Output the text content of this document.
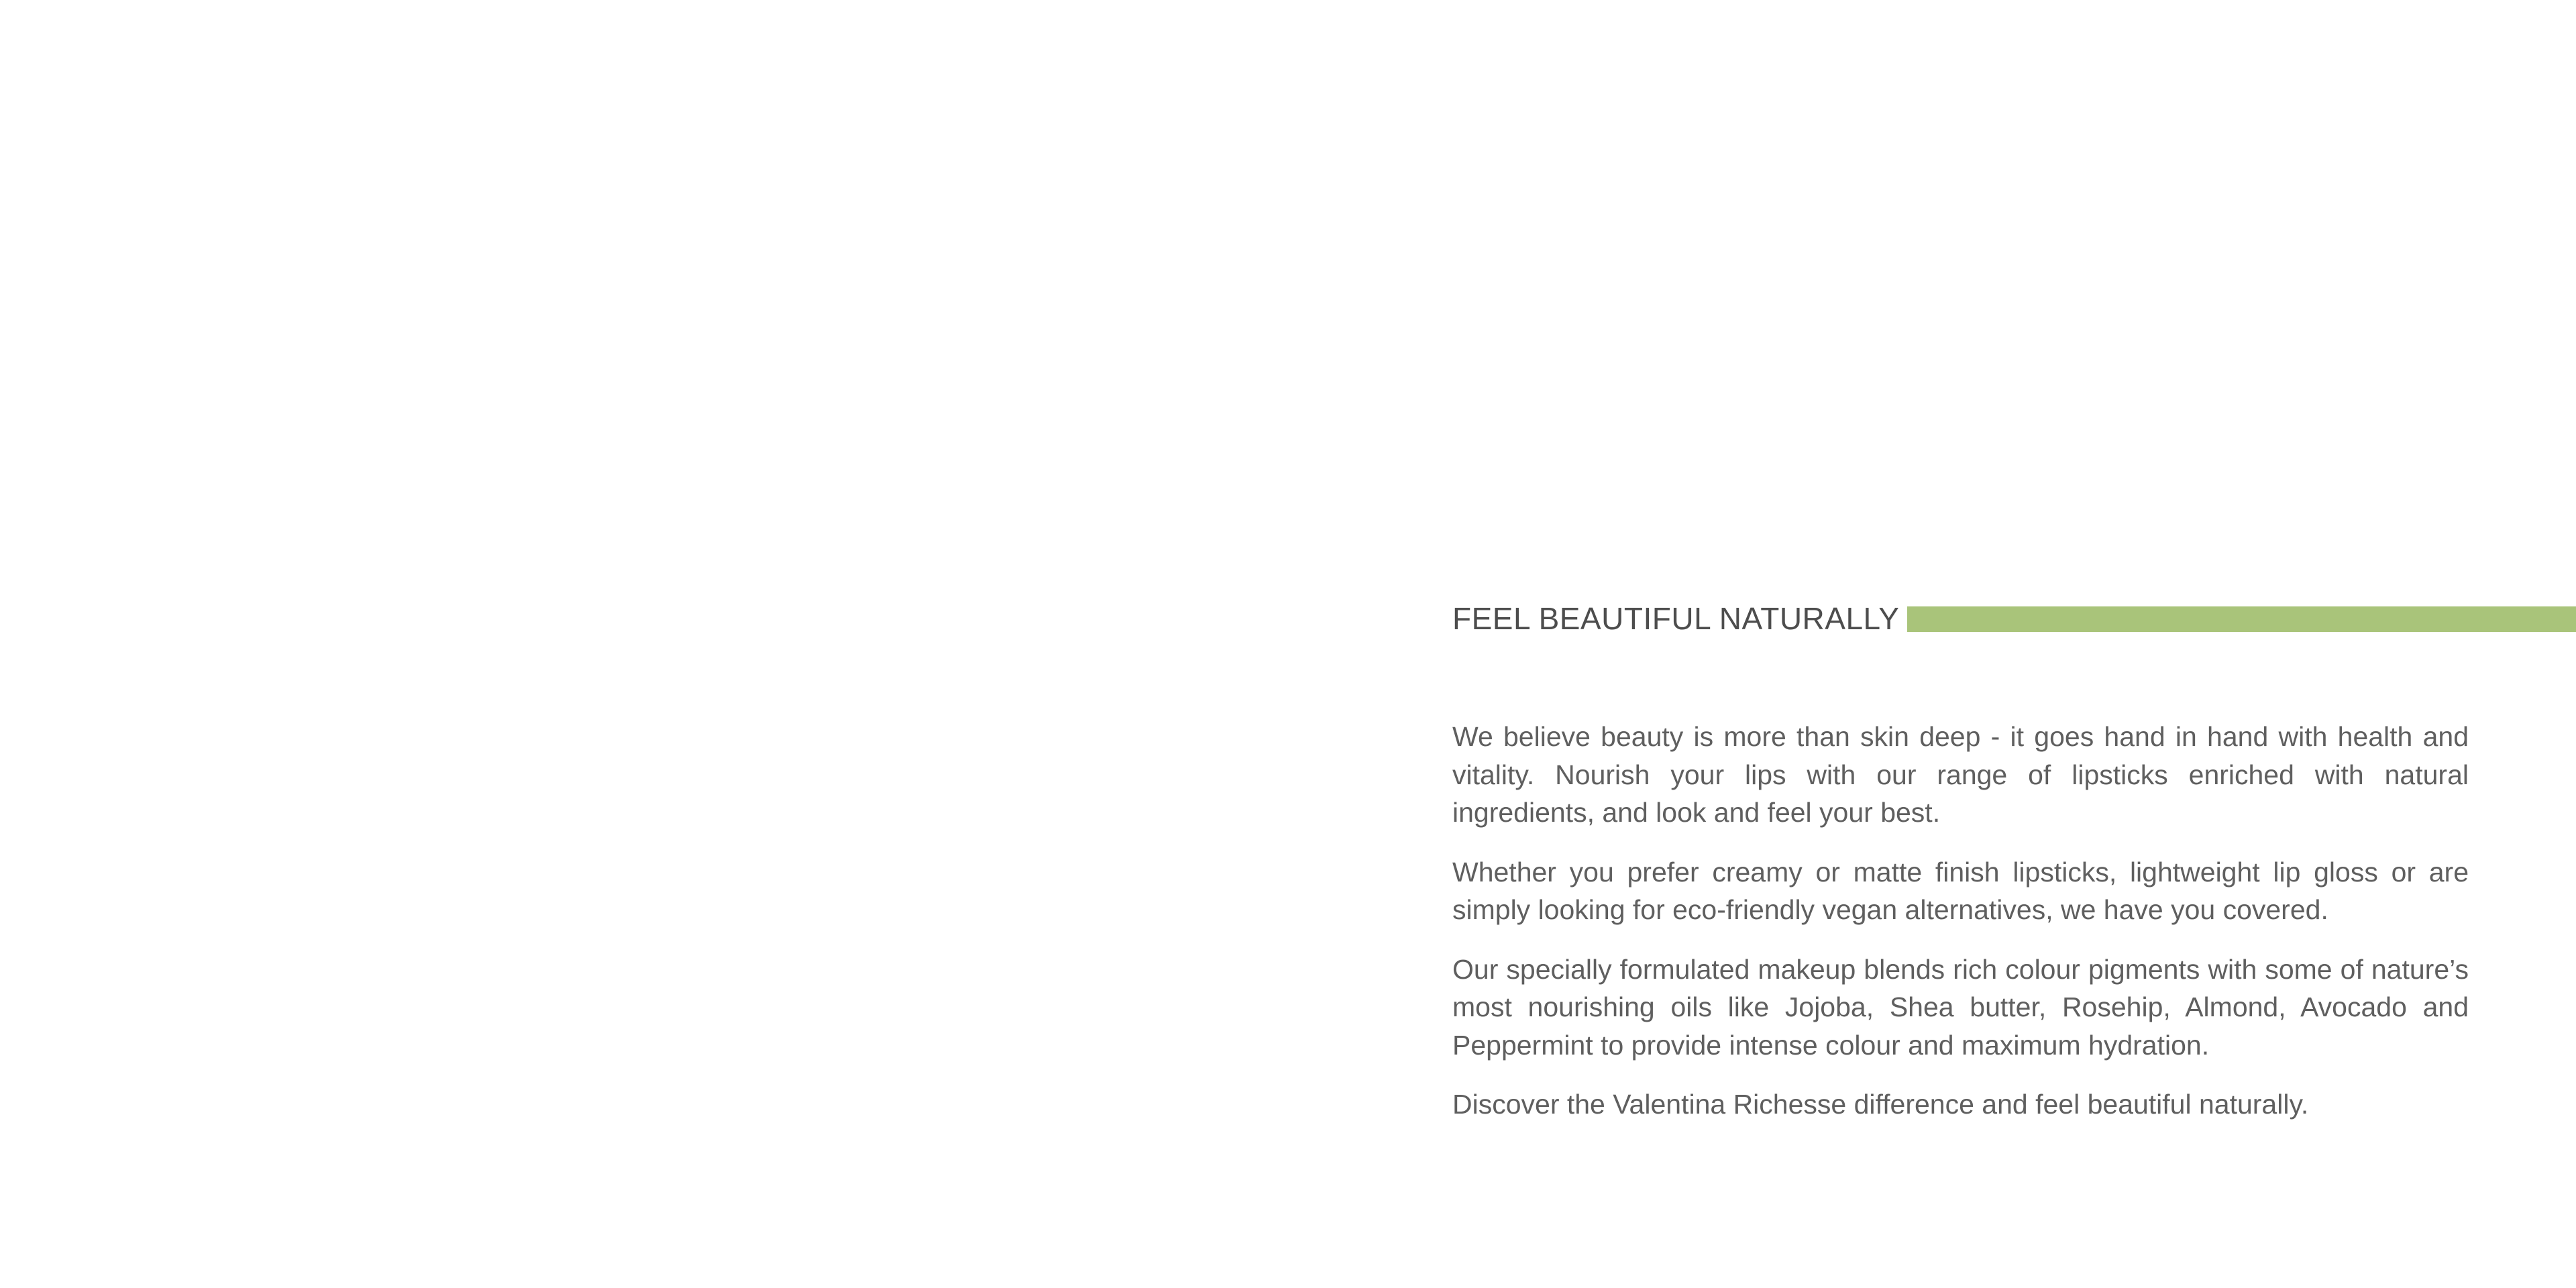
FEEL BEAUTIFUL NATURALLY

We believe beauty is more than skin deep - it goes hand in hand with health and vitality. Nourish your lips with our range of lipsticks enriched with natural ingredients, and look and feel your best.

Whether you prefer creamy or matte finish lipsticks, lightweight lip gloss or are simply looking for eco-friendly vegan alternatives, we have you covered.

Our specially formulated makeup blends rich colour pigments with some of nature’s most nourishing oils like Jojoba, Shea butter, Rosehip, Almond, Avocado and Peppermint to provide intense colour and maximum hydration.

Discover the Valentina Richesse difference and feel beautiful naturally.
